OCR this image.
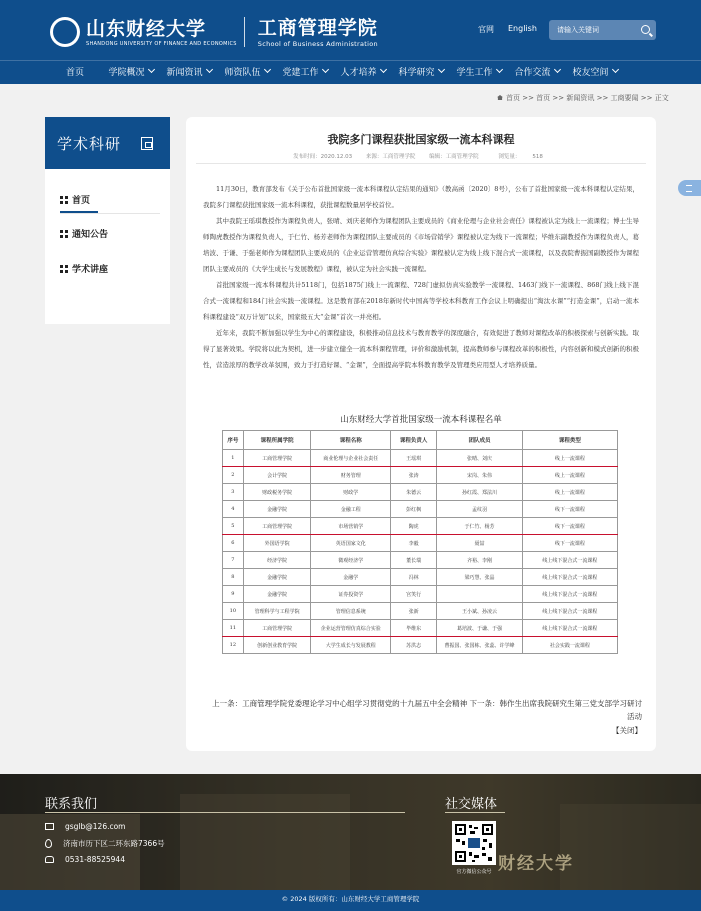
山东财经大学
SHANDONG UNIVERSITY OF FINANCE AND ECONOMICS
工商管理学院
School of Business Administration
官网 English
请输入关键词
首页	学院概况 新闻资讯 师资队伍 党建工作 人才培养 科学研究 学生工作 合作交流 校友空间
首页 >> 首页 >> 新闻资讯 >> 工商要闻 >> 正文
学术科研
首页
通知公告
学术讲座
我院多门课程获批国家级一流本科课程
发布时间：2020.12.03	来源：工商管理学院	编辑：工商管理学院	浏览量： 518

11月30日，教育部发布《关于公布首批国家级一流本科课程认定结果的通知》（教高函〔2020〕8号），公布了首批国家级一流本科课程认定结果，我院多门课程获批国家级一流本科课程，获批课程数量居学校首位。

其中我院王瑶琪教授作为课程负责人，张晴、刘庆老师作为课程团队主要成员的《商业伦理与企业社会责任》课程被认定为线上一流课程；博士生导师陶虎教授作为课程负责人，于仁竹、杨芳老师作为课程团队主要成员的《市场营销学》课程被认定为线下一流课程；毕维东副教授作为课程负责人，葛培波、于谦、于强老师作为课程团队主要成员的《企业运营管理仿真综合实验》课程被认定为线上线下混合式一流课程，以及我院曹振国副教授作为课程团队主要成员的《大学生成长与发展教程》课程，被认定为社会实践一流课程。

首批国家级一流本科课程共计5118门，包括1875门线上一流课程、728门虚拟仿真实验教学一流课程、1463门线下一流课程、868门线上线下混合式一流课程和184门社会实践一流课程。这是教育部在2018年新时代中国高等学校本科教育工作会议上明确提出“淘汰水课”“打造金课”，启动一流本科课程建设“双万计划”以来，国家级五大“金课”首次一并亮相。

近年来，我院不断加强以学生为中心的课程建设，积极推动信息技术与教育教学的深度融合，有效促进了教师对课程改革的积极探索与创新实践。取得了显著效果。学院将以此为契机，进一步建立健全一流本科课程管理，评价和激励机制，提高教师参与课程改革的积极性，内容创新和模式创新的积极性，营造浓厚的教学改革氛围，致力于打造好课、“金课”，全面提高学院本科教育教学及管理类应用型人才培养质量。

山东财经大学首批国家级一流本科课程名单
序号	课程所属学院	课程名称	课程负责人	团队成员	课程类型
1	工商管理学院	商业伦理与企业社会责任	王瑶琪	张晴、刘庆	线上一流课程
2	会计学院	财务管理	张涛	宋岗、朱伟	线上一流课程
3	财政税务学院	财政学	朱德云	孙红霞、郑法川	线上一流课程
4	金融学院	金融工程	彭红枫	孟纹羽	线下一流课程
5	工商管理学院	市场营销学	陶虎	于仁竹、杨芳	线下一流课程
6	外国语学院	英语国家文化	李毅	聂喆	线下一流课程
7	经济学院	微观经济学	董长瑞	齐裕、李刚	线上线下混合式一流课程
8	金融学院	金融学	冯林	梁巧慧、张晶	线上线下混合式一流课程
9	金融学院	证券投资学	宫笑行		线上线下混合式一流课程
10	管理科学与工程学院	管理信息系统	张新	王小斌、孙凌云	线上线下混合式一流课程
11	工商管理学院	企业运营管理仿真综合实验	毕维东	葛培波、于谦、于强	线上线下混合式一流课程
12	创新创业教育学院	大学生成长与发展教程	苏洪志	曹振国、张国栋、张蕊、许学峰	社会实践一流课程
上一条：工商管理学院党委理论学习中心组学习贯彻党的十九届五中全会精神 下一条：韩作生出席我院研究生第三党支部学习研讨活动
【关闭】
联系我们
gsglb@126.com
济南市历下区二环东路7366号
0531-88525944
社交媒体
官方微信公众号 财经大学
© 2024 版权所有：山东财经大学工商管理学院
